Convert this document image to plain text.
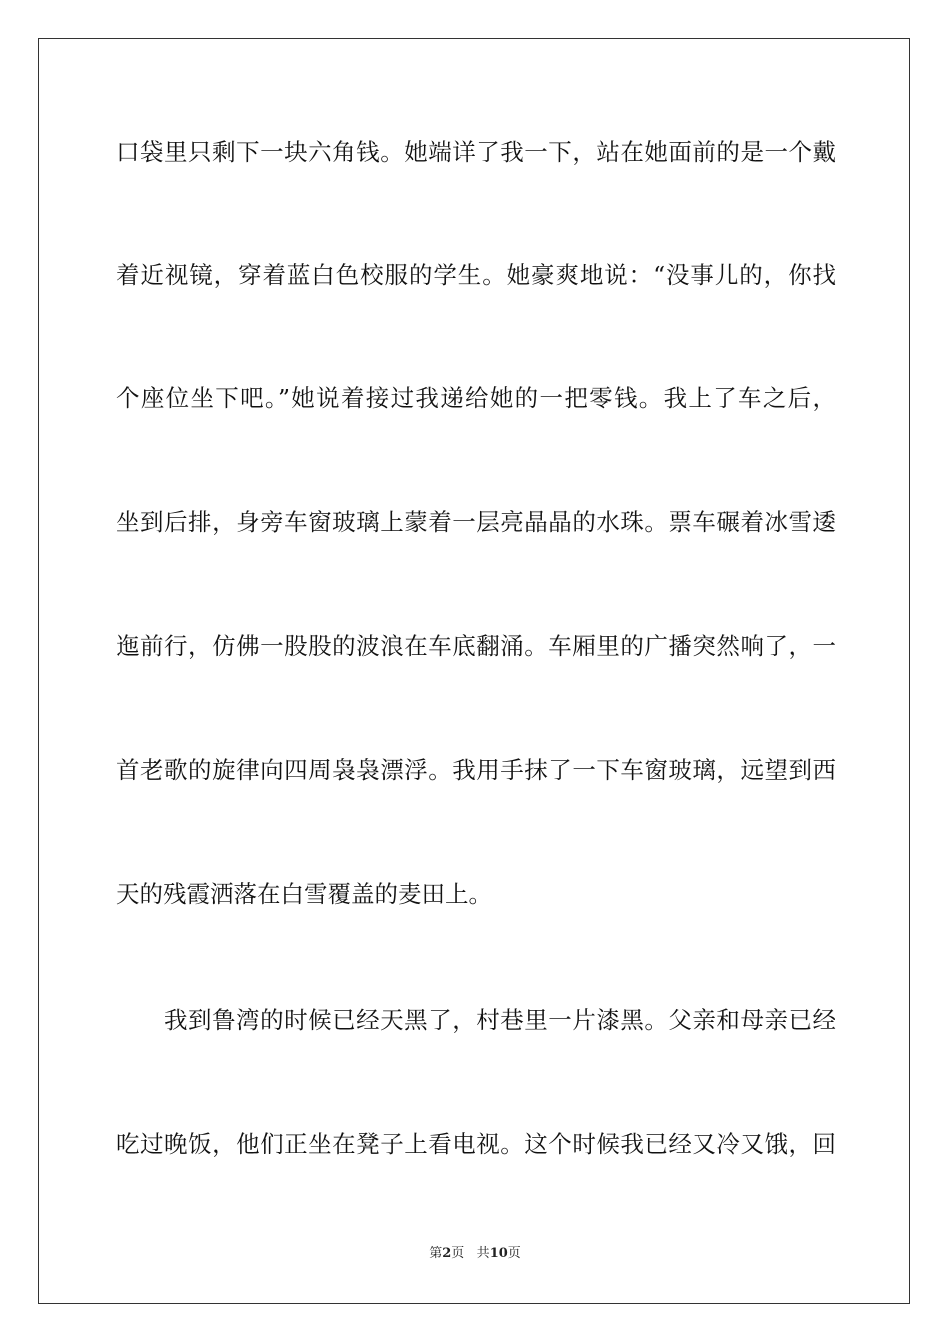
口袋里只剩下一块六角钱。她端详了我一下，站在她面前的是一个戴
着近视镜，穿着蓝白色校服的学生。她豪爽地说：“没事儿的，你找
个座位坐下吧。”她说着接过我递给她的一把零钱。我上了车之后，
坐到后排，身旁车窗玻璃上蒙着一层亮晶晶的水珠。票车碾着冰雪逶
迤前行，仿佛一股股的波浪在车底翻涌。车厢里的广播突然响了，一
首老歌的旋律向四周袅袅漂浮。我用手抹了一下车窗玻璃，远望到西
天的残霞洒落在白雪覆盖的麦田上。
我到鲁湾的时候已经天黑了，村巷里一片漆黑。父亲和母亲已经
吃过晚饭，他们正坐在凳子上看电视。这个时候我已经又冷又饿，回
第2页 共10页
